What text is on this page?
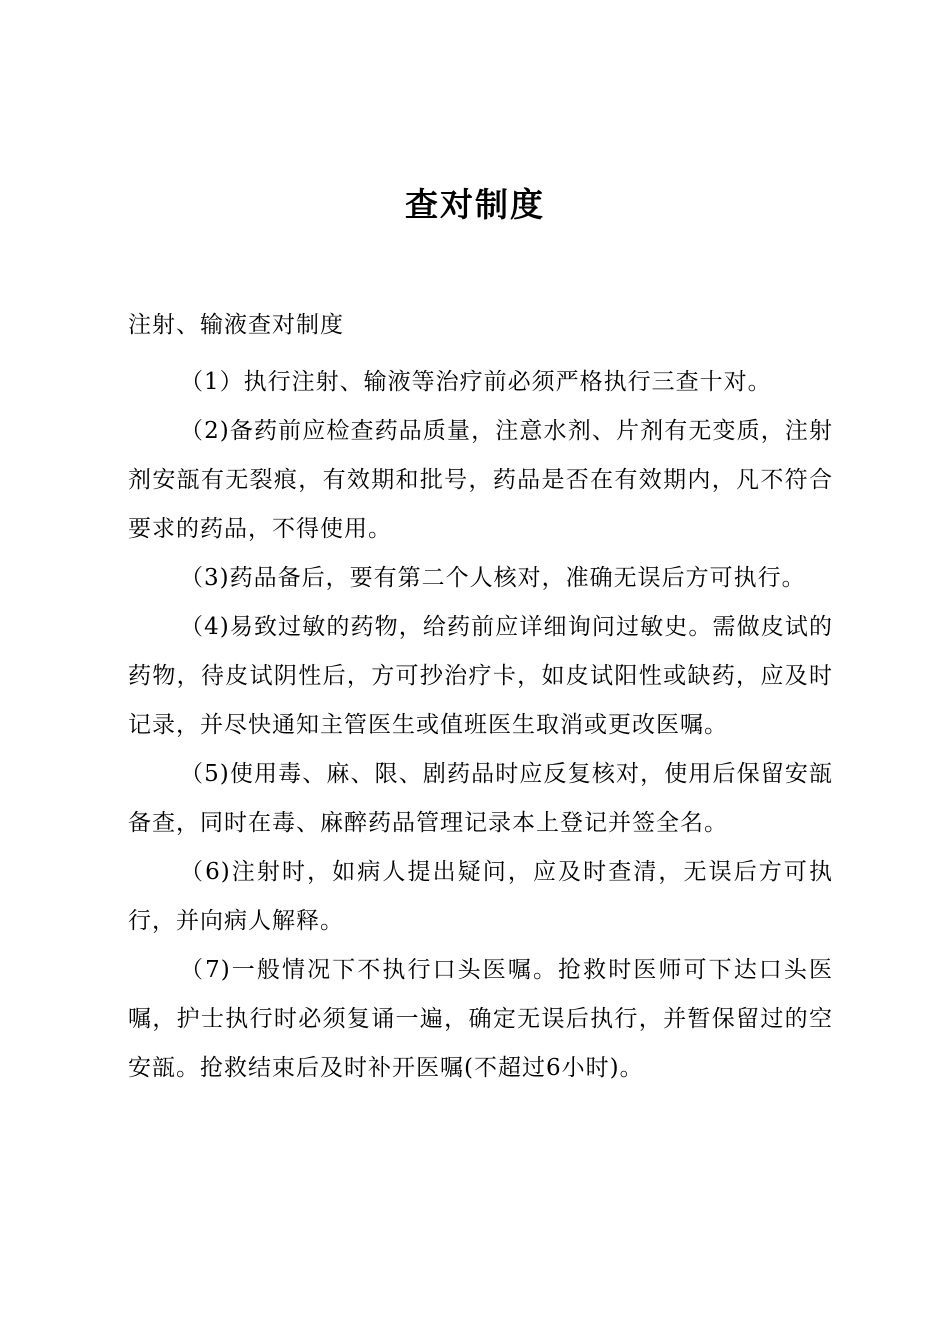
查对制度
注射、输液查对制度

（1）执行注射、输液等治疗前必须严格执行三查十对。

（2)备药前应检查药品质量，注意水剂、片剂有无变质，注射剂安瓿有无裂痕，有效期和批号，药品是否在有效期内，凡不符合要求的药品，不得使用。

（3)药品备后，要有第二个人核对，准确无误后方可执行。

（4)易致过敏的药物，给药前应详细询问过敏史。需做皮试的药物，待皮试阴性后，方可抄治疗卡，如皮试阳性或缺药，应及时记录，并尽快通知主管医生或值班医生取消或更改医嘱。

（5)使用毒、麻、限、剧药品时应反复核对，使用后保留安瓿备查，同时在毒、麻醉药品管理记录本上登记并签全名。

（6)注射时，如病人提出疑问，应及时查清，无误后方可执行，并向病人解释。

（7)一般情况下不执行口头医嘱。抢救时医师可下达口头医嘱，护士执行时必须复诵一遍，确定无误后执行，并暂保留过的空安瓿。抢救结束后及时补开医嘱(不超过6小时)。
